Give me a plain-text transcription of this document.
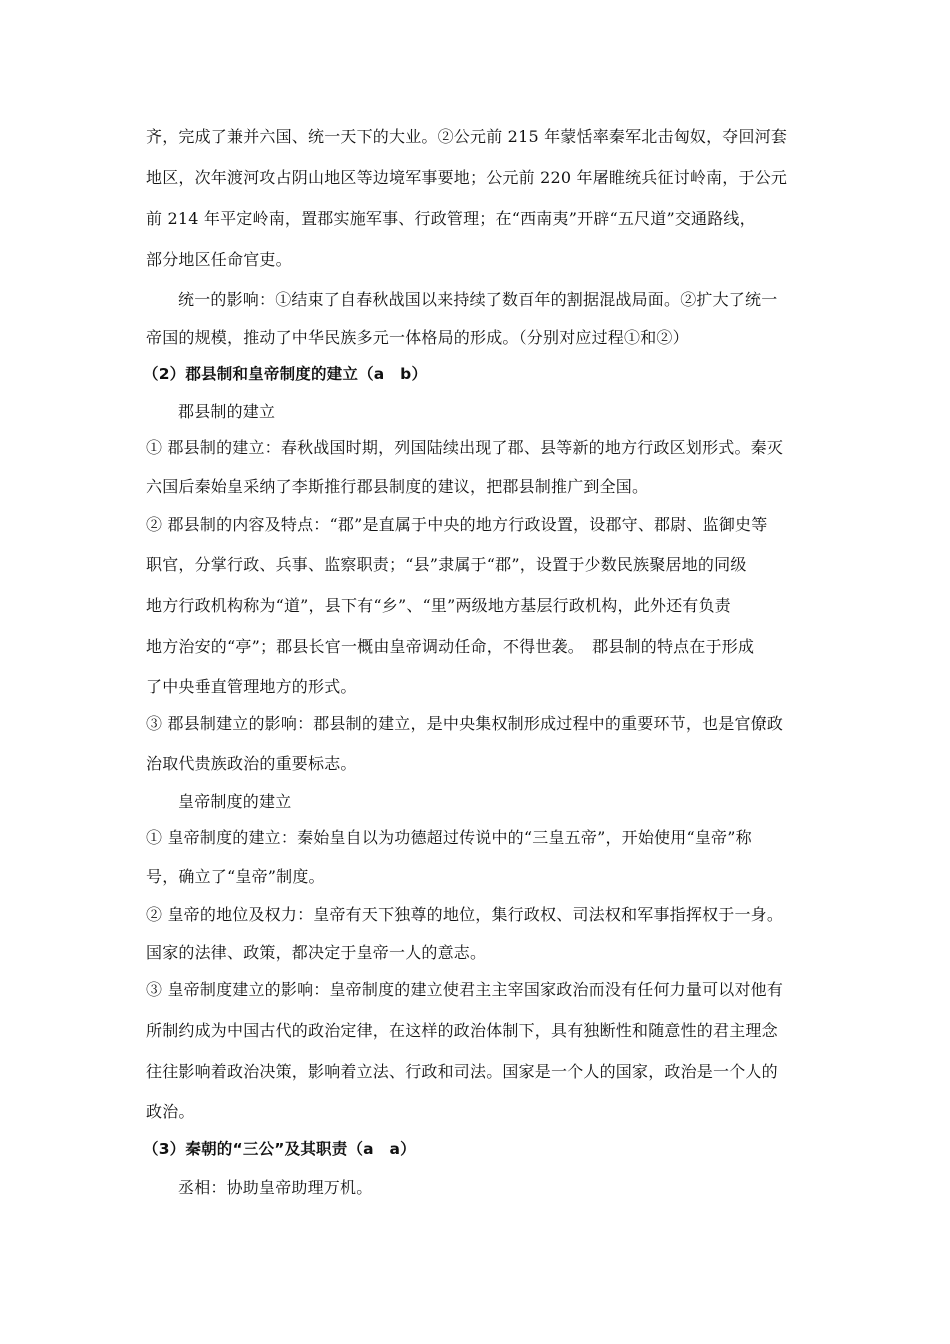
齐，完成了兼并六国、统一天下的大业。②公元前 215 年蒙恬率秦军北击匈奴，夺回河套
地区，次年渡河攻占阴山地区等边境军事要地；公元前 220 年屠睢统兵征讨岭南，于公元
前 214 年平定岭南，置郡实施军事、行政管理；在“西南夷”开辟“五尺道”交通路线，
部分地区任命官吏。
统一的影响：①结束了自春秋战国以来持续了数百年的割据混战局面。②扩大了统一
帝国的规模，推动了中华民族多元一体格局的形成。（分别对应过程①和②）
（2）郡县制和皇帝制度的建立（a　b）
郡县制的建立
① 郡县制的建立：春秋战国时期，列国陆续出现了郡、县等新的地方行政区划形式。秦灭
六国后秦始皇采纳了李斯推行郡县制度的建议，把郡县制推广到全国。
② 郡县制的内容及特点：“郡”是直属于中央的地方行政设置，设郡守、郡尉、监御史等
职官，分掌行政、兵事、监察职责；“县”隶属于“郡”，设置于少数民族聚居地的同级
地方行政机构称为“道”，县下有“乡”、“里”两级地方基层行政机构，此外还有负责
地方治安的“亭”；郡县长官一概由皇帝调动任命，不得世袭。　郡县制的特点在于形成
了中央垂直管理地方的形式。
③ 郡县制建立的影响：郡县制的建立，是中央集权制形成过程中的重要环节，也是官僚政
治取代贵族政治的重要标志。
皇帝制度的建立
① 皇帝制度的建立：秦始皇自以为功德超过传说中的“三皇五帝”，开始使用“皇帝”称
号，确立了“皇帝”制度。
② 皇帝的地位及权力：皇帝有天下独尊的地位，集行政权、司法权和军事指挥权于一身。
国家的法律、政策，都决定于皇帝一人的意志。
③ 皇帝制度建立的影响：皇帝制度的建立使君主主宰国家政治而没有任何力量可以对他有
所制约成为中国古代的政治定律，在这样的政治体制下，具有独断性和随意性的君主理念
往往影响着政治决策，影响着立法、行政和司法。国家是一个人的国家，政治是一个人的
政治。
（3）秦朝的“三公”及其职责（a　a）
丞相：协助皇帝助理万机。
